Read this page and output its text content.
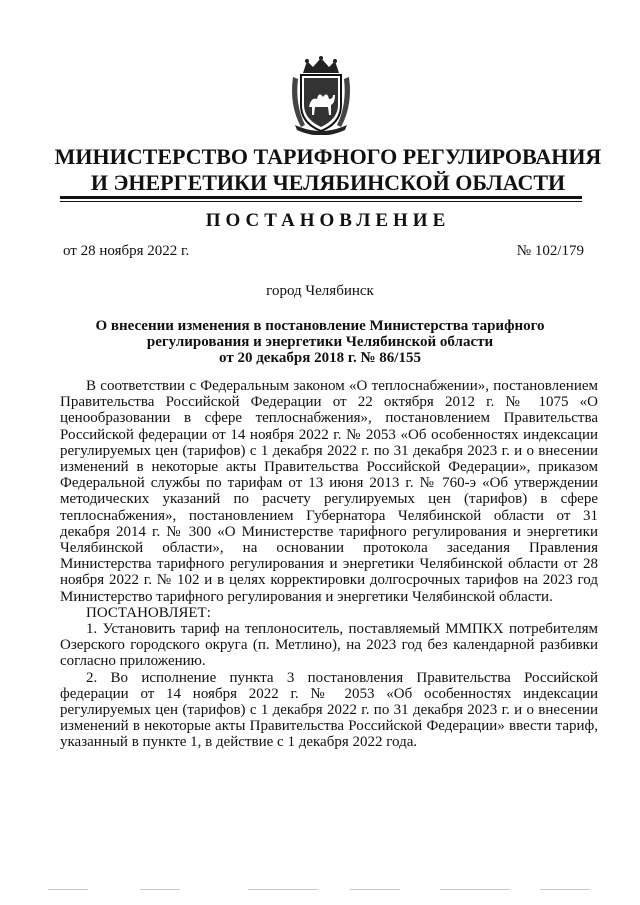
МИНИСТЕРСТВО ТАРИФНОГО РЕГУЛИРОВАНИЯ
И ЭНЕРГЕТИКИ ЧЕЛЯБИНСКОЙ ОБЛАСТИ
ПОСТАНОВЛЕНИЕ
от 28 ноября 2022 г.	№ 102/179
город Челябинск
О внесении изменения в постановление Министерства тарифного
регулирования и энергетики Челябинской области
от 20 декабря 2018 г. № 86/155

В соответствии с Федеральным законом «О теплоснабжении», постановлением Правительства Российской Федерации от 22 октября 2012 г. № 1075 «О ценообразовании в сфере теплоснабжения», постановлением Правительства Российской федерации от 14 ноября 2022 г. № 2053 «Об особенностях индексации регулируемых цен (тарифов) с 1 декабря 2022 г. по 31 декабря 2023 г. и о внесении изменений в некоторые акты Правительства Российской Федерации», приказом Федеральной службы по тарифам от 13 июня 2013 г. № 760-э «Об утверждении методических указаний по расчету регулируемых цен (тарифов) в сфере теплоснабжения», постановлением Губернатора Челябинской области от 31 декабря 2014 г. № 300 «О Министерстве тарифного регулирования и энергетики Челябинской области», на основании протокола заседания Правления Министерства тарифного регулирования и энергетики Челябинской области от 28 ноября 2022 г. № 102 и в целях корректировки долгосрочных тарифов на 2023 год Министерство тарифного регулирования и энергетики Челябинской области.

ПОСТАНОВЛЯЕТ:

1. Установить тариф на теплоноситель, поставляемый ММПКХ потребителям Озерского городского округа (п. Метлино), на 2023 год без календарной разбивки согласно приложению.

2. Во исполнение пункта 3 постановления Правительства Российской федерации от 14 ноября 2022 г. № 2053 «Об особенностях индексации регулируемых цен (тарифов) с 1 декабря 2022 г. по 31 декабря 2023 г. и о внесении изменений в некоторые акты Правительства Российской Федерации» ввести тариф, указанный в пункте 1, в действие с 1 декабря 2022 года.
